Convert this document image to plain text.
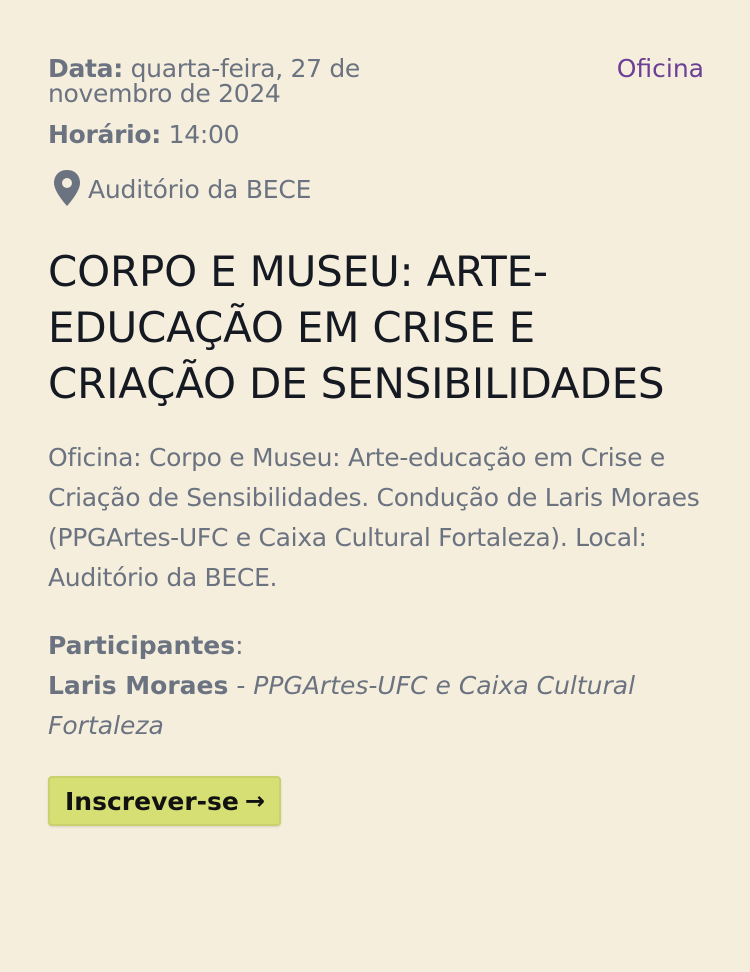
Data: quarta-feira, 27 de novembro de 2024
Oficina
Horário: 14:00
Auditório da BECE
CORPO E MUSEU: ARTE-EDUCAÇÃO EM CRISE E CRIAÇÃO DE SENSIBILIDADES

Oficina: Corpo e Museu: Arte-educação em Crise e Criação de Sensibilidades. Condução de Laris Moraes (PPGArtes-UFC e Caixa Cultural Fortaleza). Local: Auditório da BECE.

Participantes:
Laris Moraes - PPGArtes-UFC e Caixa Cultural Fortaleza
Inscrever-se →
